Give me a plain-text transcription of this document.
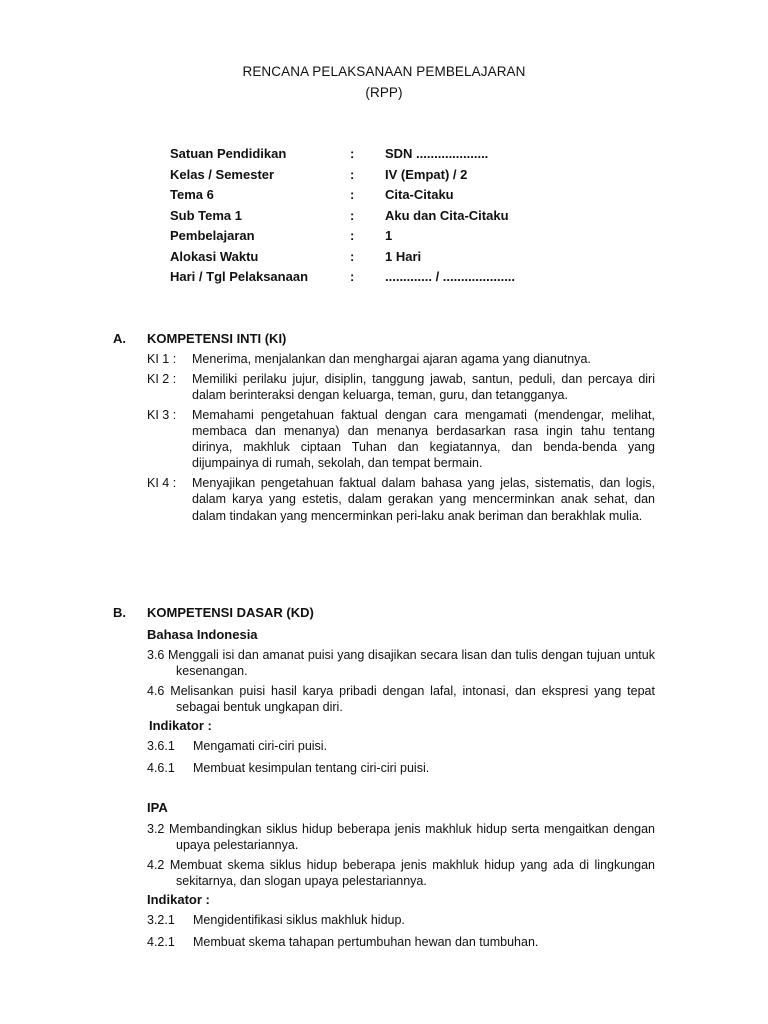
RENCANA PELAKSANAAN PEMBELAJARAN
(RPP)
Satuan Pendidikan	: SDN ....................
Kelas / Semester	: IV (Empat) / 2
Tema 6	: Cita-Citaku
Sub Tema 1	: Aku dan Cita-Citaku
Pembelajaran	: 1
Alokasi Waktu	: 1 Hari
Hari / Tgl Pelaksanaan	: ............. / ....................
A. KOMPETENSI INTI (KI)
KI 1 : Menerima, menjalankan dan menghargai ajaran agama yang dianutnya.
KI 2 : Memiliki perilaku jujur, disiplin, tanggung jawab, santun, peduli, dan percaya diri dalam berinteraksi dengan keluarga, teman, guru, dan tetangganya.
KI 3 : Memahami pengetahuan faktual dengan cara mengamati (mendengar, melihat, membaca dan menanya) dan menanya berdasarkan rasa ingin tahu tentang dirinya, makhluk ciptaan Tuhan dan kegiatannya, dan benda-benda yang dijumpainya di rumah, sekolah, dan tempat bermain.
KI 4 : Menyajikan pengetahuan faktual dalam bahasa yang jelas, sistematis, dan logis, dalam karya yang estetis, dalam gerakan yang mencerminkan anak sehat, dan dalam tindakan yang mencerminkan peri-laku anak beriman dan berakhlak mulia.
B. KOMPETENSI DASAR (KD)
Bahasa Indonesia
3.6 Menggali isi dan amanat puisi yang disajikan secara lisan dan tulis dengan tujuan untuk kesenangan.
4.6 Melisankan puisi hasil karya pribadi dengan lafal, intonasi, dan ekspresi yang tepat sebagai bentuk ungkapan diri.
Indikator :
3.6.1 Mengamati ciri-ciri puisi.
4.6.1 Membuat kesimpulan tentang ciri-ciri puisi.
IPA
3.2 Membandingkan siklus hidup beberapa jenis makhluk hidup serta mengaitkan dengan upaya pelestariannya.
4.2 Membuat skema siklus hidup beberapa jenis makhluk hidup yang ada di lingkungan sekitarnya, dan slogan upaya pelestariannya.
Indikator :
3.2.1 Mengidentifikasi siklus makhluk hidup.
4.2.1 Membuat skema tahapan pertumbuhan hewan dan tumbuhan.
